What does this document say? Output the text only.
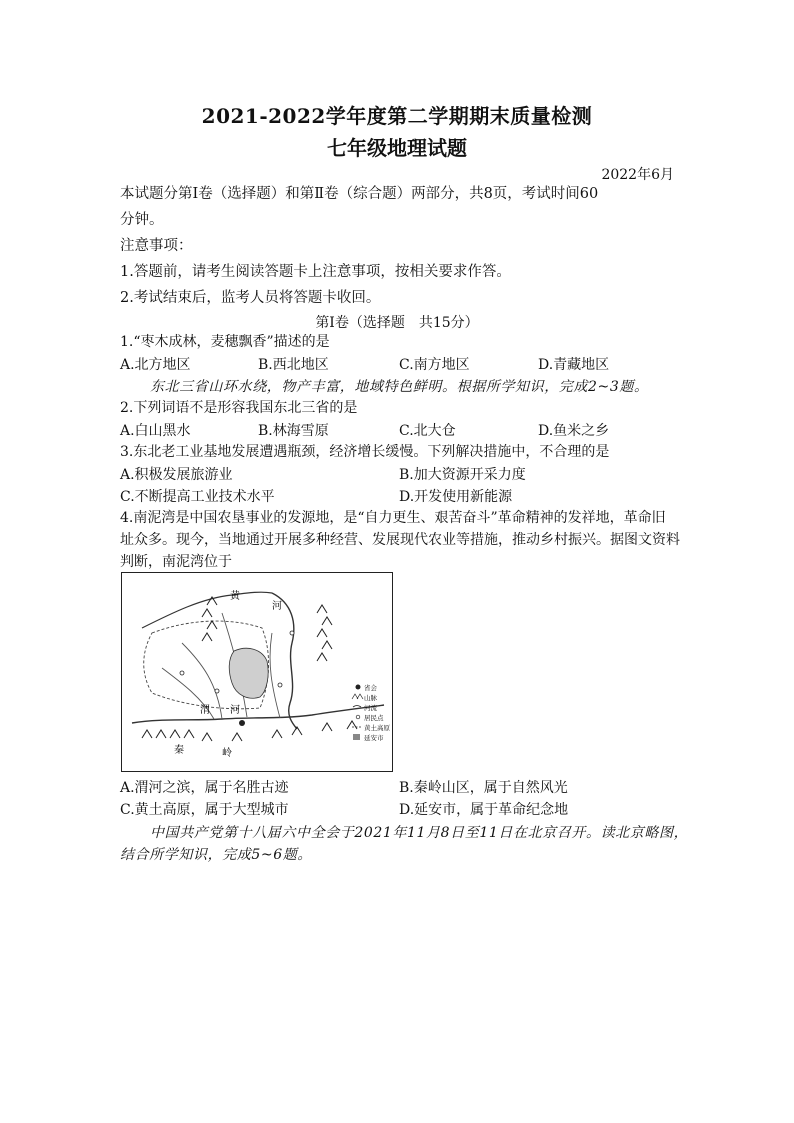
2021-2022学年度第二学期期末质量检测
七年级地理试题
2022年6月
本试题分第Ⅰ卷（选择题）和第Ⅱ卷（综合题）两部分，共8页，考试时间60
分钟。
注意事项：
1.答题前，请考生阅读答题卡上注意事项，按相关要求作答。
2.考试结束后，监考人员将答题卡收回。
第Ⅰ卷（选择题　共15分）
1.“枣木成林，麦穗飘香”描述的是
A.北方地区	B.西北地区	C.南方地区	D.青藏地区
东北三省山环水绕，物产丰富，地域特色鲜明。根据所学知识，完成2~3题。
2.下列词语不是形容我国东北三省的是
A.白山黑水	B.林海雪原	C.北大仓	D.鱼米之乡
3.东北老工业基地发展遭遇瓶颈，经济增长缓慢。下列解决措施中，不合理的是
A.积极发展旅游业	B.加大资源开采力度
C.不断提高工业技术水平	D.开发使用新能源
4.南泥湾是中国农垦事业的发源地，是“自力更生、艰苦奋斗”革命精神的发祥地，革命旧
址众多。现今，当地通过开展多种经营、发展现代农业等措施，推动乡村振兴。据图文资料
判断，南泥湾位于
黄
河
渭 河
秦	岭
省会
山脉
河流
居民点
黄土高原
延安市
A.渭河之滨，属于名胜古迹	B.秦岭山区，属于自然风光
C.黄土高原，属于大型城市	D.延安市，属于革命纪念地
中国共产党第十八届六中全会于2021年11月8日至11日在北京召开。读北京略图，
结合所学知识，完成5~6题。
